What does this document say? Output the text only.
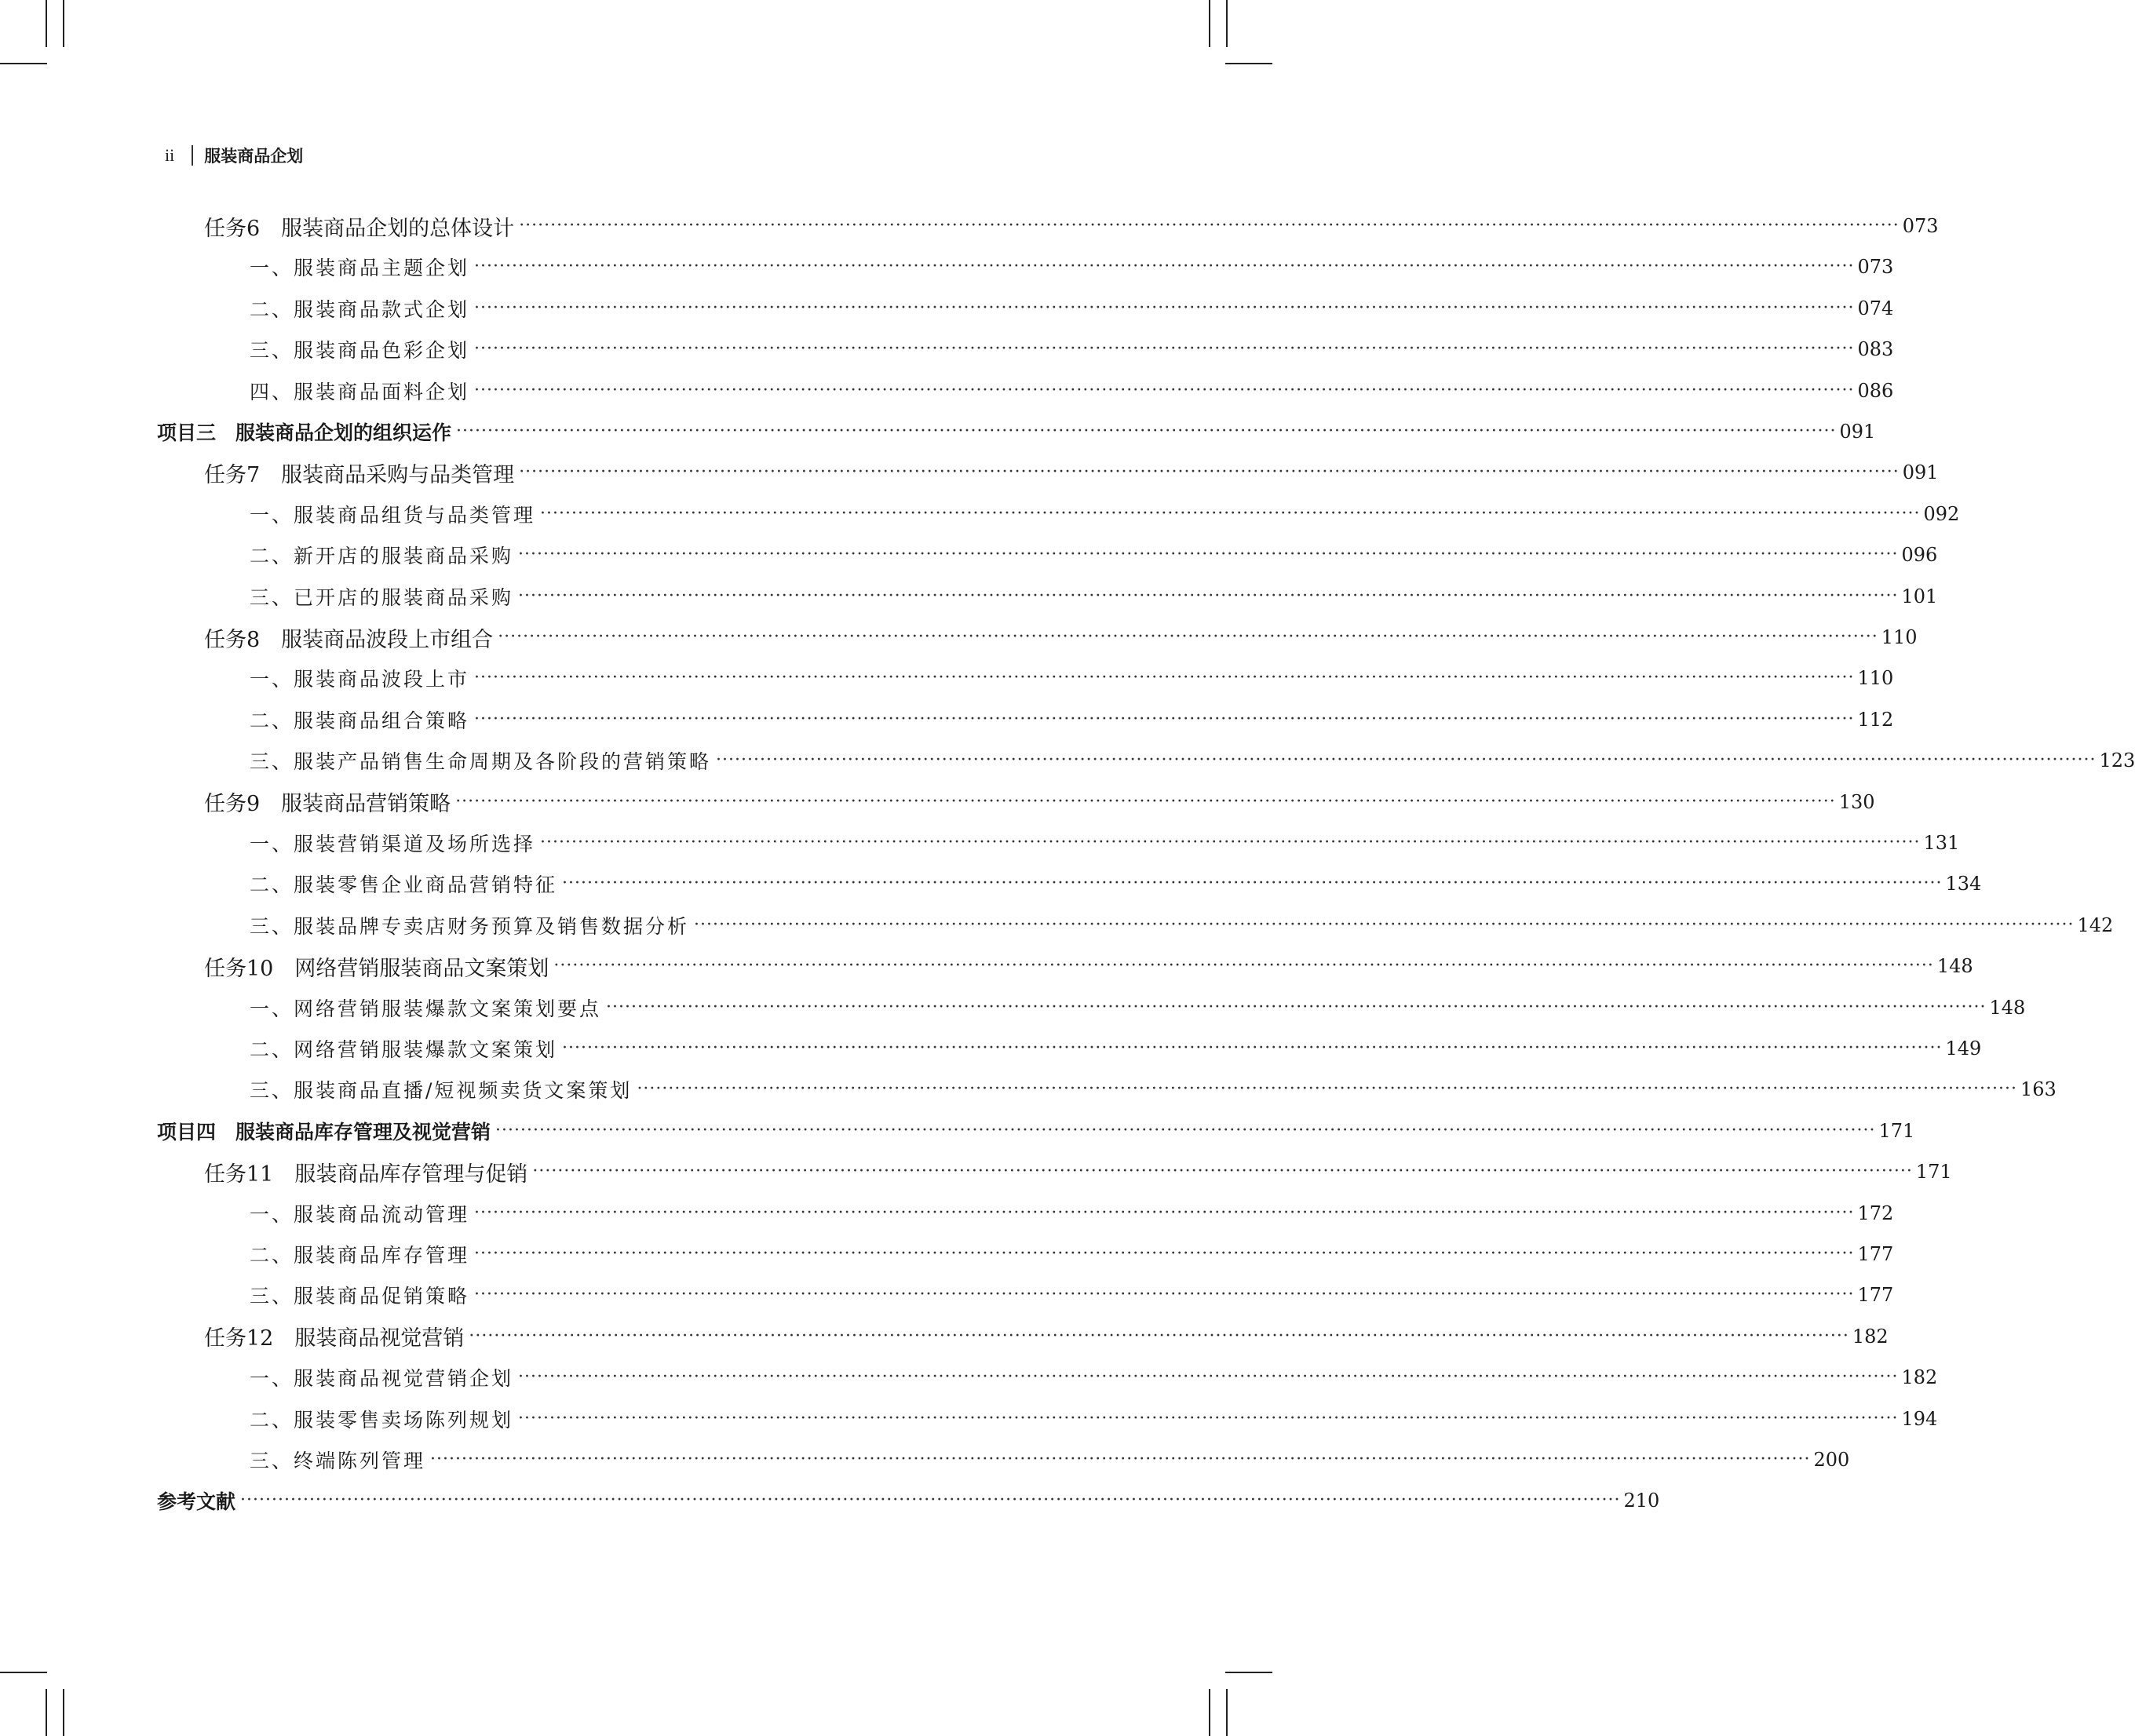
ii 服装商品企划
任务6　服装商品企划的总体设计 ···························································································································································································································· 073
一、服装商品主题企划 ···························································································································································································································· 073
二、服装商品款式企划 ···························································································································································································································· 074
三、服装商品色彩企划 ···························································································································································································································· 083
四、服装商品面料企划 ···························································································································································································································· 086
项目三　服装商品企划的组织运作 ···························································································································································································································· 091
任务7　服装商品采购与品类管理 ···························································································································································································································· 091
一、服装商品组货与品类管理 ···························································································································································································································· 092
二、新开店的服装商品采购 ···························································································································································································································· 096
三、已开店的服装商品采购 ···························································································································································································································· 101
任务8　服装商品波段上市组合 ···························································································································································································································· 110
一、服装商品波段上市 ···························································································································································································································· 110
二、服装商品组合策略 ···························································································································································································································· 112
三、服装产品销售生命周期及各阶段的营销策略 ···························································································································································································································· 123
任务9　服装商品营销策略 ···························································································································································································································· 130
一、服装营销渠道及场所选择 ···························································································································································································································· 131
二、服装零售企业商品营销特征 ···························································································································································································································· 134
三、服装品牌专卖店财务预算及销售数据分析 ···························································································································································································································· 142
任务10　网络营销服装商品文案策划 ···························································································································································································································· 148
一、网络营销服装爆款文案策划要点 ···························································································································································································································· 148
二、网络营销服装爆款文案策划 ···························································································································································································································· 149
三、服装商品直播/短视频卖货文案策划 ···························································································································································································································· 163
项目四　服装商品库存管理及视觉营销 ···························································································································································································································· 171
任务11　服装商品库存管理与促销 ···························································································································································································································· 171
一、服装商品流动管理 ···························································································································································································································· 172
二、服装商品库存管理 ···························································································································································································································· 177
三、服装商品促销策略 ···························································································································································································································· 177
任务12　服装商品视觉营销 ···························································································································································································································· 182
一、服装商品视觉营销企划 ···························································································································································································································· 182
二、服装零售卖场陈列规划 ···························································································································································································································· 194
三、终端陈列管理 ···························································································································································································································· 200
参考文献 ···························································································································································································································· 210
